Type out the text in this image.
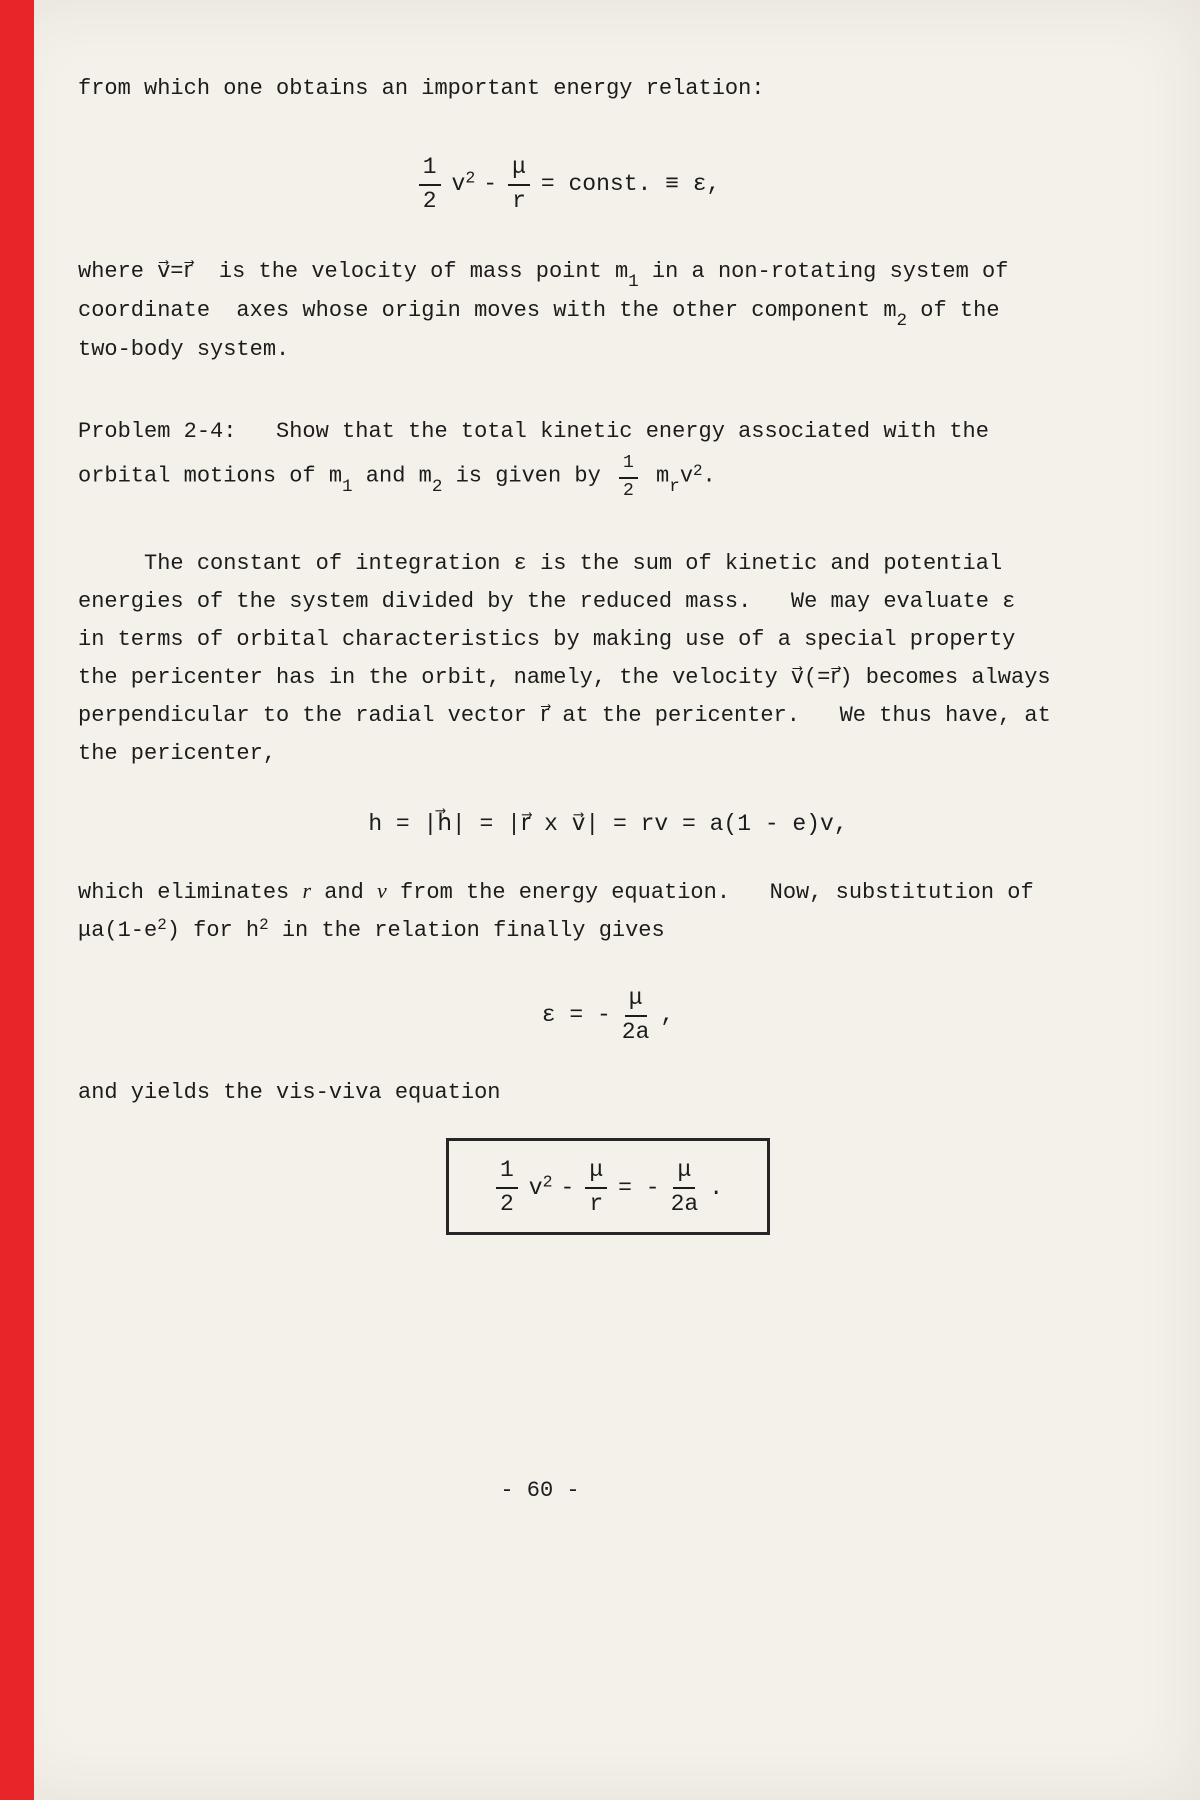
from which one obtains an important energy relation:
$\frac{1}{2} v2 - \frac{\mu}{r}$ = const. ≡ ε,
where v⃗=r⃗  is the velocity of mass point m1 in a non-rotating system of
coordinate  axes whose origin moves with the other component m2 of the
two-body system.
Problem 2-4:   Show that the total kinetic energy associated with the
orbital motions of m1 and m2 is given by $\frac{1}{2} mrv2$.
The constant of integration ε is the sum of kinetic and potential
energies of the system divided by the reduced mass.   We may evaluate ε
in terms of orbital characteristics by making use of a special property
the pericenter has in the orbit, namely, the velocity v⃗(=r⃗) becomes always
perpendicular to the radial vector r⃗ at the pericenter.   We thus have, at
the pericenter,
h = |h⃗| = |r⃗ x v⃗| = rv = a(1 - e)v,
which eliminates r and v from the energy equation.   Now, substitution of
μa(1-e2) for h2 in the relation finally gives
ε = - $\frac{\mu}{2a}$ ,
and yields the vis-viva equation
$\frac{1}{2} v2 - \frac{\mu}{r}$ = - $\frac{\mu}{2a}$ .
- 60 -
